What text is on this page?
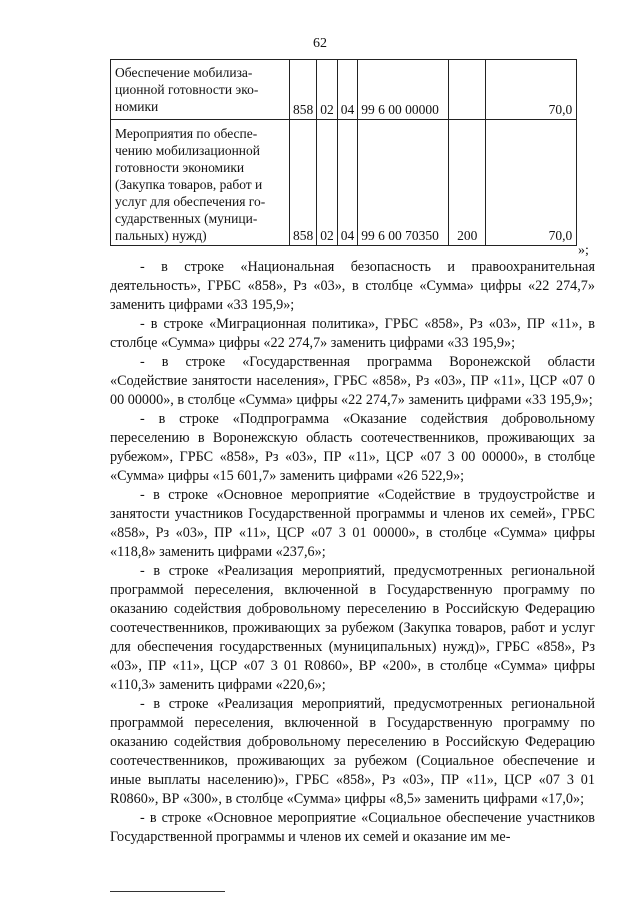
62
Обеспечение мобилиза-ционной готовности эко-номики	858	02	04	99 6 00 00000		70,0
Мероприятия по обеспе-чению мобилизационной готовности экономики (Закупка товаров, работ и услуг для обеспечения го-сударственных (муници-пальных) нужд)	858	02	04	99 6 00 70350	200	70,0
»;

- в строке «Национальная безопасность и правоохранительная деятельность», ГРБС «858», Рз «03», в столбце «Сумма» цифры «22 274,7» заменить цифрами «33 195,9»;

- в строке «Миграционная политика», ГРБС «858», Рз «03», ПР «11», в столбце «Сумма» цифры «22 274,7» заменить цифрами «33 195,9»;

- в строке «Государственная программа Воронежской области «Содействие занятости населения», ГРБС «858», Рз «03», ПР «11», ЦСР «07 0 00 00000», в столбце «Сумма» цифры «22 274,7» заменить цифрами «33 195,9»;

- в строке «Подпрограмма «Оказание содействия добровольному переселению в Воронежскую область соотечественников, проживающих за рубежом», ГРБС «858», Рз «03», ПР «11», ЦСР «07 3 00 00000», в столбце «Сумма» цифры «15 601,7» заменить цифрами «26 522,9»;

- в строке «Основное мероприятие «Содействие в трудоустройстве и занятости участников Государственной программы и членов их семей», ГРБС «858», Рз «03», ПР «11», ЦСР «07 3 01 00000», в столбце «Сумма» цифры «118,8» заменить цифрами «237,6»;

- в строке «Реализация мероприятий, предусмотренных региональной программой переселения, включенной в Государственную программу по оказанию содействия добровольному переселению в Российскую Федерацию соотечественников, проживающих за рубежом (Закупка товаров, работ и услуг для обеспечения государственных (муниципальных) нужд)», ГРБС «858», Рз «03», ПР «11», ЦСР «07 3 01 R0860», ВР «200», в столбце «Сумма» цифры «110,3» заменить цифрами «220,6»;

- в строке «Реализация мероприятий, предусмотренных региональной программой переселения, включенной в Государственную программу по оказанию содействия добровольному переселению в Российскую Федерацию соотечественников, проживающих за рубежом (Социальное обеспечение и иные выплаты населению)», ГРБС «858», Рз «03», ПР «11», ЦСР «07 3 01 R0860», ВР «300», в столбце «Сумма» цифры «8,5» заменить цифрами «17,0»;

- в строке «Основное мероприятие «Социальное обеспечение участников Государственной программы и членов их семей и оказание им ме-
